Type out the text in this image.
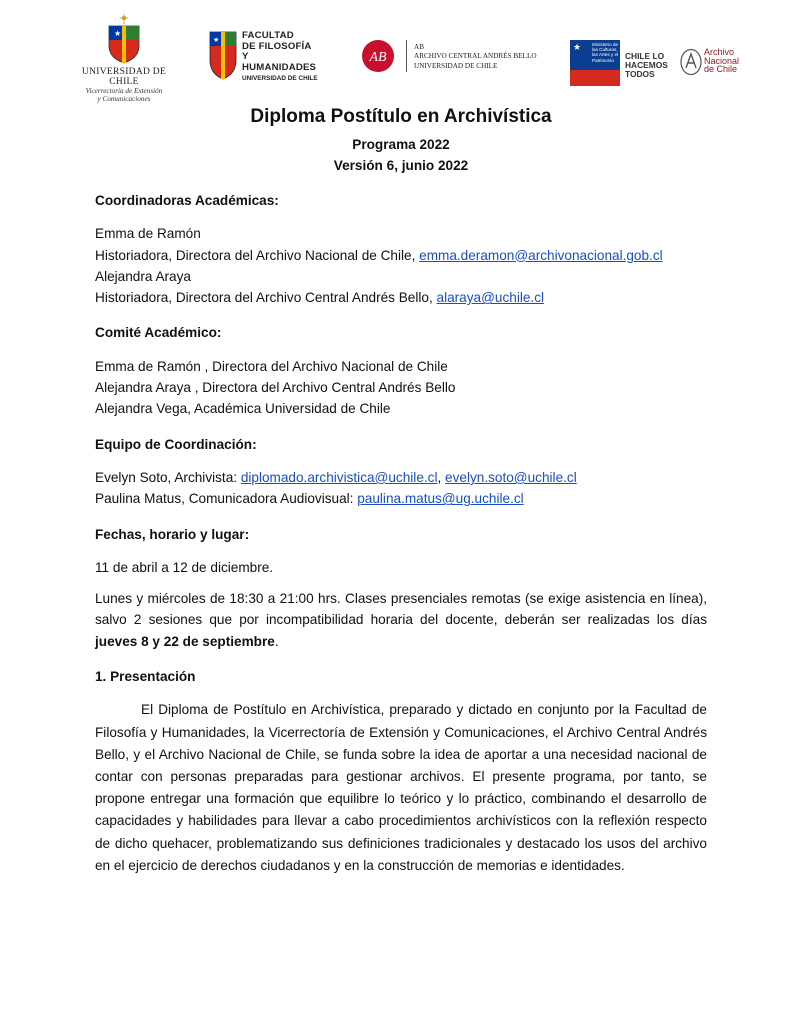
★
UNIVERSIDAD DE CHILE
Vicerrectoría de Extensión
y Comunicaciones
★ FACULTAD
DE FILOSOFÍA
Y HUMANIDADES
UNIVERSIDAD DE CHILE
AB
AB
ARCHIVO CENTRAL ANDRÉS BELLO
UNIVERSIDAD DE CHILE
★ Ministerio de las Culturas, las Artes y el Patrimonio	CHILE LO
HACEMOS
TODOS
Archivo
Nacional
de Chile
Diploma Postítulo en Archivística
Programa 2022
Versión 6, junio 2022

Coordinadoras Académicas:

Emma de Ramón

Historiadora, Directora del Archivo Nacional de Chile, emma.deramon@archivonacional.gob.cl

Alejandra Araya

Historiadora, Directora del Archivo Central Andrés Bello, alaraya@uchile.cl

Comité Académico:

Emma de Ramón , Directora del Archivo Nacional de Chile

Alejandra Araya , Directora del Archivo Central Andrés Bello

Alejandra Vega, Académica Universidad de Chile

Equipo de Coordinación:

Evelyn Soto, Archivista: diplomado.archivistica@uchile.cl, evelyn.soto@uchile.cl

Paulina Matus, Comunicadora Audiovisual: paulina.matus@ug.uchile.cl

Fechas, horario y lugar:

11 de abril a 12 de diciembre.

Lunes y miércoles de 18:30 a 21:00 hrs. Clases presenciales remotas (se exige asistencia en línea), salvo 2 sesiones que por incompatibilidad horaria del docente, deberán ser realizadas los días jueves 8 y 22 de septiembre.

1. Presentación

El Diploma de Postítulo en Archivística, preparado y dictado en conjunto por la Facultad de Filosofía y Humanidades, la Vicerrectoría de Extensión y Comunicaciones, el Archivo Central Andrés Bello, y el Archivo Nacional de Chile, se funda sobre la idea de aportar a una necesidad nacional de contar con personas preparadas para gestionar archivos. El presente programa, por tanto, se propone entregar una formación que equilibre lo teórico y lo práctico, combinando el desarrollo de capacidades y habilidades para llevar a cabo procedimientos archivísticos con la reflexión respecto de dicho quehacer, problematizando sus definiciones tradicionales y destacado los usos del archivo en el ejercicio de derechos ciudadanos y en la construcción de memorias e identidades.
